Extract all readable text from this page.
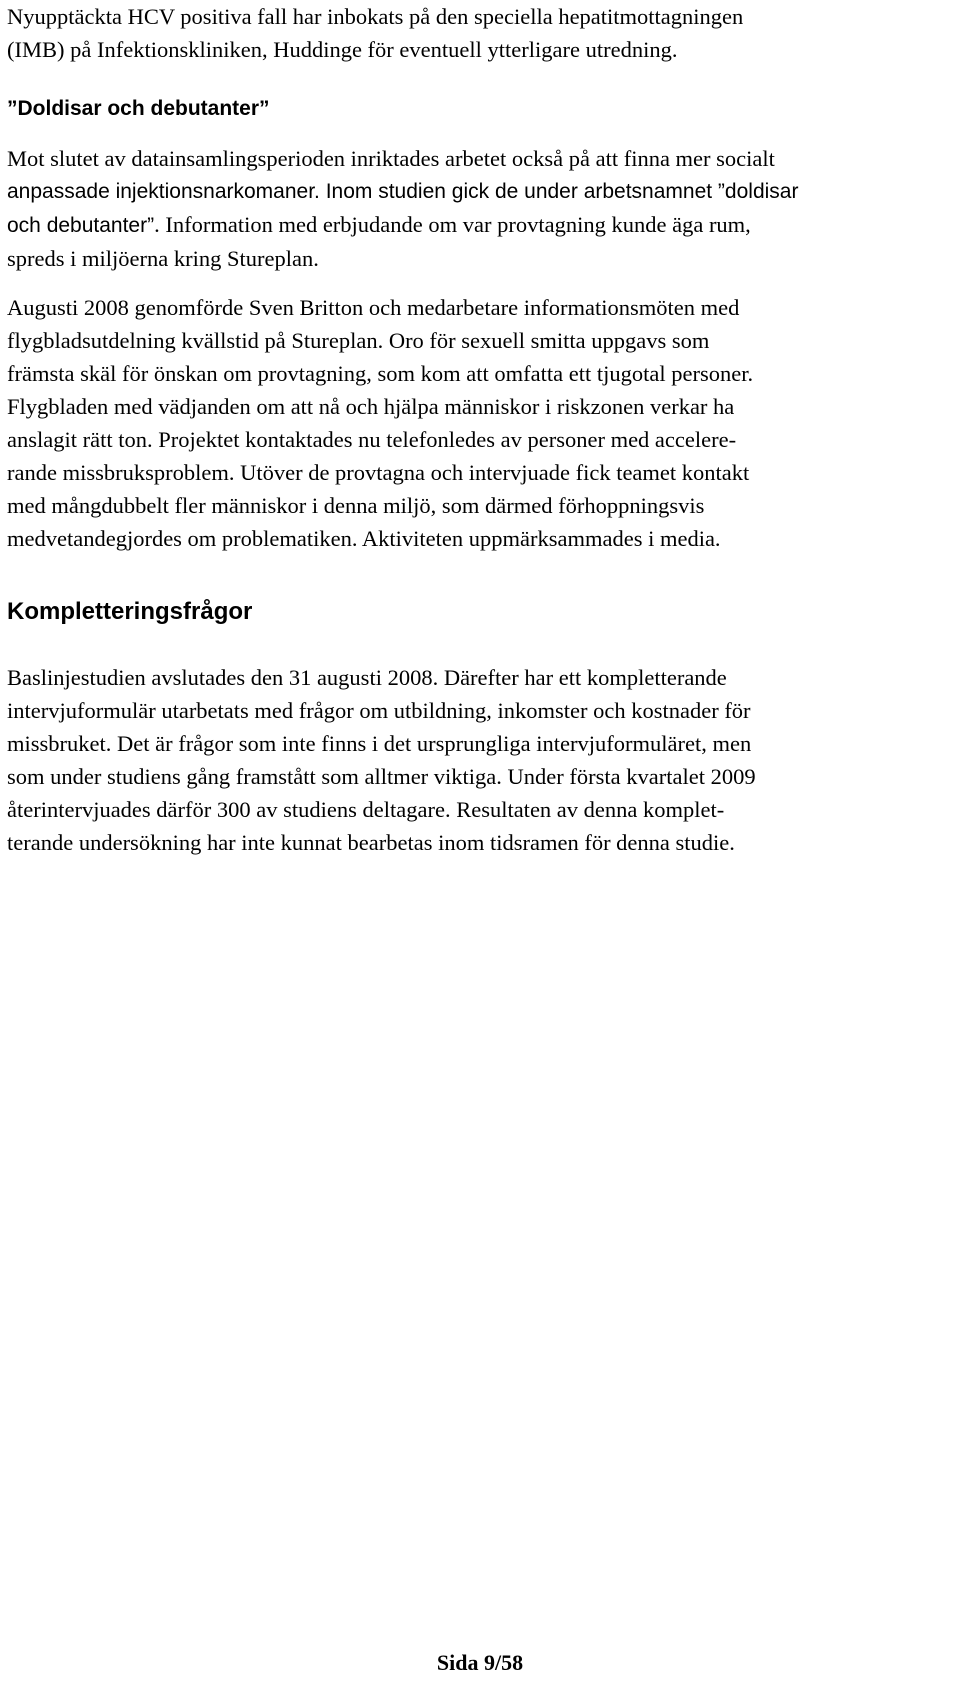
Nyupptäckta HCV positiva fall har inbokats på den speciella hepatitmottagningen
(IMB) på Infektionskliniken, Huddinge för eventuell ytterligare utredning.

”Doldisar och debutanter”

Mot slutet av datainsamlingsperioden inriktades arbetet också på att finna mer socialt
anpassade injektionsnarkomaner. Inom studien gick de under arbetsnamnet ”doldisar
och debutanter”. Information med erbjudande om var provtagning kunde äga rum,
spreds i miljöerna kring Stureplan.

Augusti 2008 genomförde Sven Britton och medarbetare informationsmöten med
flygbladsutdelning kvällstid på Stureplan. Oro för sexuell smitta uppgavs som
främsta skäl för önskan om provtagning, som kom att omfatta ett tjugotal personer.
Flygbladen med vädjanden om att nå och hjälpa människor i riskzonen verkar ha
anslagit rätt ton. Projektet kontaktades nu telefonledes av personer med accelere-
rande missbruksproblem. Utöver de provtagna och intervjuade fick teamet kontakt
med mångdubbelt fler människor i denna miljö, som därmed förhoppningsvis
medvetandegjordes om problematiken. Aktiviteten uppmärksammades i media.

Kompletteringsfrågor

Baslinjestudien avslutades den 31 augusti 2008. Därefter har ett kompletterande
intervjuformulär utarbetats med frågor om utbildning, inkomster och kostnader för
missbruket. Det är frågor som inte finns i det ursprungliga intervjuformuläret, men
som under studiens gång framstått som alltmer viktiga. Under första kvartalet 2009
återintervjuades därför 300 av studiens deltagare. Resultaten av denna komplet-
terande undersökning har inte kunnat bearbetas inom tidsramen för denna studie.

Sida 9/58
